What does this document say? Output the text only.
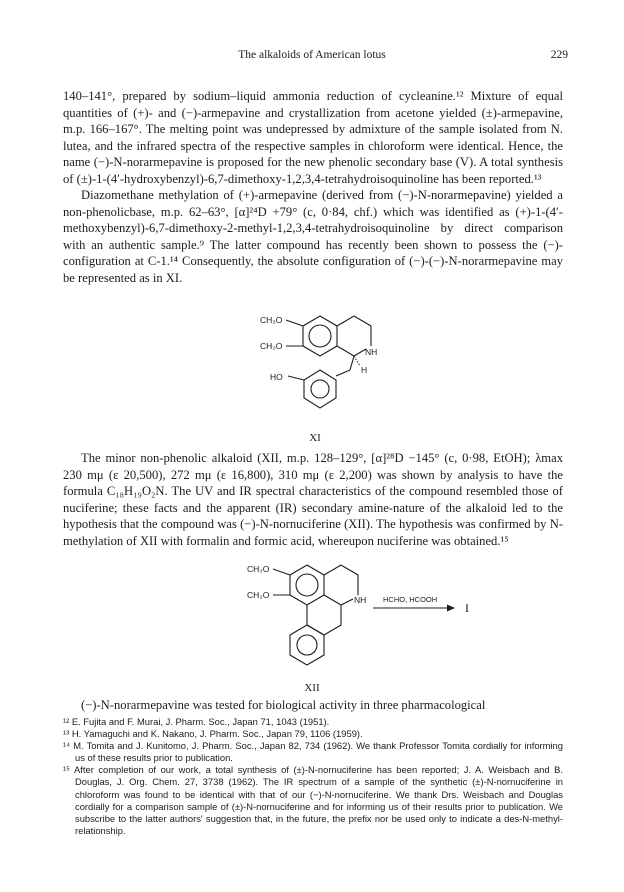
The alkaloids of American lotus	229

140–141°, prepared by sodium–liquid ammonia reduction of cycleanine.¹² Mixture of equal quantities of (+)- and (−)-armepavine and crystallization from acetone yielded (±)-armepavine, m.p. 166–167°. The melting point was undepressed by admixture of the sample isolated from N. lutea, and the infrared spectra of the respective samples in chloroform were identical. Hence, the name (−)-N-norarmepavine is proposed for the new phenolic secondary base (V). A total synthesis of (±)-1-(4′-hydroxybenzyl)-6,7-dimethoxy-1,2,3,4-tetrahydroisoquinoline has been reported.¹³

Diazomethane methylation of (+)-armepavine (derived from (−)-N-norarmepavine) yielded a non-phenolicbase, m.p. 62–63°, [α]²⁴D +79° (c, 0·84, chf.) which was identified as (+)-1-(4′-methoxybenzyl)-6,7-dimethoxy-2-methyl-1,2,3,4-tetrahydroisoquinoline by direct comparison with an authentic sample.⁹ The latter compound has recently been shown to possess the (−)-configuration at C-1.¹⁴ Consequently, the absolute configuration of (−)-(−)-N-norarmepavine may be represented as in XI.

CH₃O
CH₃O
NH
H
HO
XI

The minor non-phenolic alkaloid (XII, m.p. 128–129°, [α]²⁸D −145° (c, 0·98, EtOH); λmax 230 mμ (ε 20,500), 272 mμ (ε 16,800), 310 mμ (ε 2,200) was shown by analysis to have the formula C₁₈H₁₉O₂N. The UV and IR spectral characteristics of the compound resembled those of nuciferine; these facts and the apparent (IR) secondary amine-nature of the alkaloid led to the hypothesis that the compound was (−)-N-nornuciferine (XII). The hypothesis was confirmed by N-methylation of XII with formalin and formic acid, whereupon nuciferine was obtained.¹⁵

CH₃O
CH₃O	NH HCHO, HCOOH
I
XII

(−)-N-norarmepavine was tested for biological activity in three pharmacological

¹² E. Fujita and F. Murai, J. Pharm. Soc., Japan 71, 1043 (1951).
¹³ H. Yamaguchi and K. Nakano, J. Pharm. Soc., Japan 79, 1106 (1959).
¹⁴ M. Tomita and J. Kunitomo, J. Pharm. Soc., Japan 82, 734 (1962). We thank Professor Tomita cordially for informing us of these results prior to publication.
¹⁵ After completion of our work, a total synthesis of (±)-N-nornuciferine has been reported; J. A. Weisbach and B. Douglas, J. Org. Chem. 27, 3738 (1962). The IR spectrum of a sample of the synthetic (±)-N-nornuciferine in chloroform was found to be identical with that of our (−)-N-nornuciferine. We thank Drs. Weisbach and Douglas cordially for a comparison sample of (±)-N-nornuciferine and for informing us of their results prior to publication. We subscribe to the latter authors' suggestion that, in the future, the prefix nor be used only to indicate a des-N-methyl-relationship.
